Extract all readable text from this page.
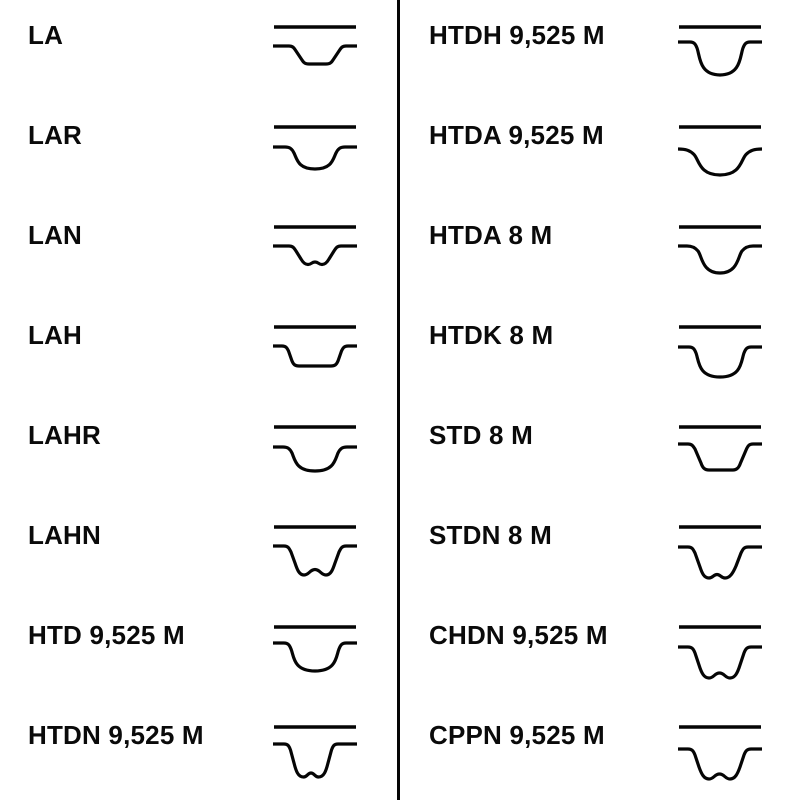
LA
LAR
LAN
LAH
LAHR
LAHN
HTD 9,525 M
HTDN 9,525 M
HTDH 9,525 M
HTDA 9,525 M
HTDA 8 M
HTDK 8 M
STD 8 M
STDN 8 M
CHDN 9,525 M
CPPN 9,525 M
